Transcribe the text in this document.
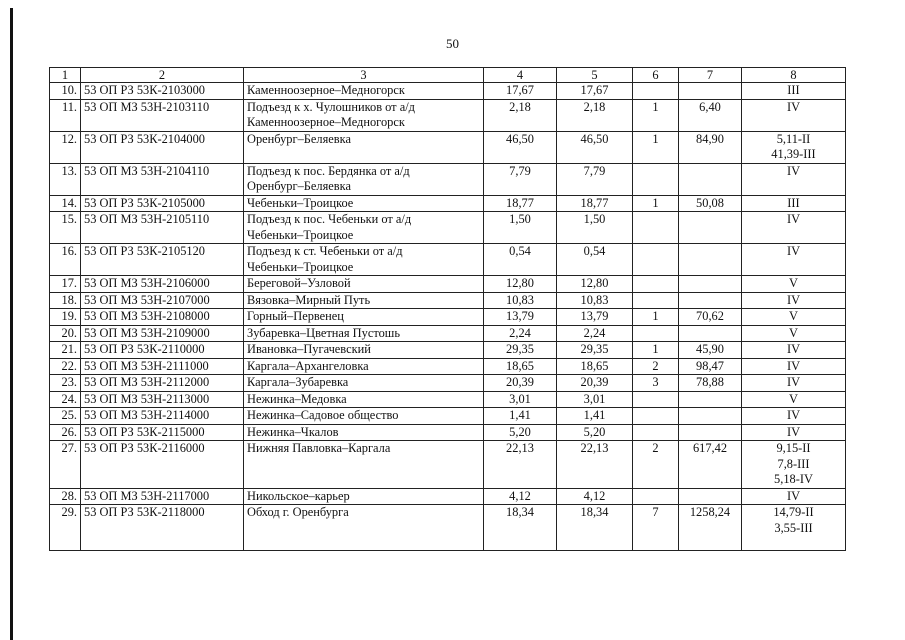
50
1	2	3	4	5	6	7	8
10.	53 ОП РЗ 53К-2103000	Каменноозерное–Медногорск	17,67	17,67			III

11.	53 ОП МЗ 53Н-2103110	Подъезд к х. Чулошников от а/д
Каменноозерное–Медногорск	2,18	2,18	1	6,40	IV

12.	53 ОП РЗ 53К-2104000	Оренбург–Беляевка	46,50	46,50	1	84,90	5,11-II
41,39-III

13.	53 ОП МЗ 53Н-2104110	Подъезд к пос. Бердянка от а/д
Оренбург–Беляевка	7,79	7,79			IV

14.	53 ОП РЗ 53К-2105000	Чебеньки–Троицкое	18,77	18,77	1	50,08	III

15.	53 ОП МЗ 53Н-2105110	Подъезд к пос. Чебеньки от а/д
Чебеньки–Троицкое	1,50	1,50			IV

16.	53 ОП РЗ 53К-2105120	Подъезд к ст. Чебеньки от а/д
Чебеньки–Троицкое	0,54	0,54			IV

17.	53 ОП МЗ 53Н-2106000	Береговой–Узловой	12,80	12,80			V

18.	53 ОП МЗ 53Н-2107000	Вязовка–Мирный Путь	10,83	10,83			IV

19.	53 ОП МЗ 53Н-2108000	Горный–Первенец	13,79	13,79	1	70,62	V

20.	53 ОП МЗ 53Н-2109000	Зубаревка–Цветная Пустошь	2,24	2,24			V

21.	53 ОП РЗ 53К-2110000	Ивановка–Пугачевский	29,35	29,35	1	45,90	IV

22.	53 ОП МЗ 53Н-2111000	Каргала–Архангеловка	18,65	18,65	2	98,47	IV

23.	53 ОП МЗ 53Н-2112000	Каргала–Зубаревка	20,39	20,39	3	78,88	IV

24.	53 ОП МЗ 53Н-2113000	Нежинка–Медовка	3,01	3,01			V

25.	53 ОП МЗ 53Н-2114000	Нежинка–Садовое общество	1,41	1,41			IV

26.	53 ОП РЗ 53К-2115000	Нежинка–Чкалов	5,20	5,20			IV

27.	53 ОП РЗ 53К-2116000	Нижняя Павловка–Каргала	22,13	22,13	2	617,42	9,15-II
7,8-III
5,18-IV

28.	53 ОП МЗ 53Н-2117000	Никольское–карьер	4,12	4,12			IV

29.	53 ОП РЗ 53К-2118000	Обход г. Оренбурга	18,34	18,34	7	1258,24	14,79-II
3,55-III
